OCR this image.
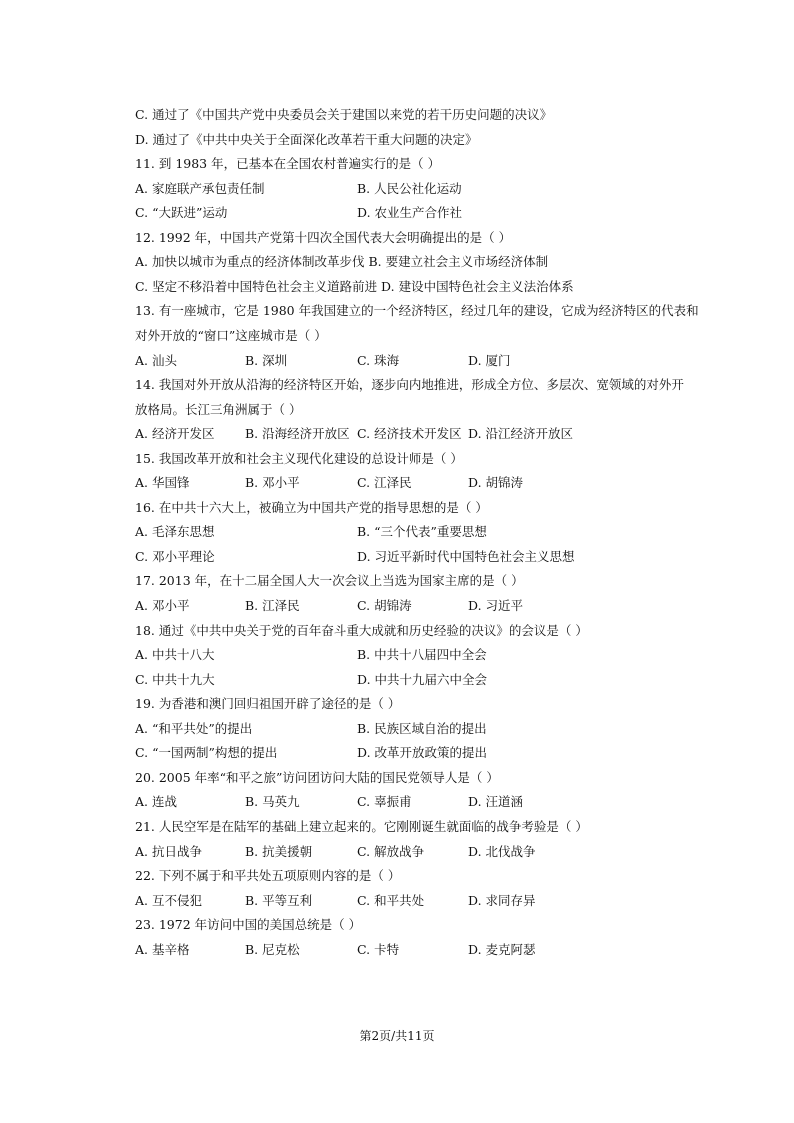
C. 通过了《中国共产党中央委员会关于建国以来党的若干历史问题的决议》
D. 通过了《中共中央关于全面深化改革若干重大问题的决定》
11. 到 1983 年，已基本在全国农村普遍实行的是（ ）
A. 家庭联产承包责任制	B. 人民公社化运动
C. “大跃进”运动	D. 农业生产合作社
12. 1992 年，中国共产党第十四次全国代表大会明确提出的是（ ）
A. 加快以城市为重点的经济体制改革步伐 B. 要建立社会主义市场经济体制
C. 坚定不移沿着中国特色社会主义道路前进 D. 建设中国特色社会主义法治体系
13. 有一座城市，它是 1980 年我国建立的一个经济特区，经过几年的建设，它成为经济特区的代表和
对外开放的“窗口”这座城市是（ ）
A. 汕头	B. 深圳	C. 珠海	D. 厦门
14. 我国对外开放从沿海的经济特区开始，逐步向内地推进，形成全方位、多层次、宽领域的对外开
放格局。长江三角洲属于（ ）
A. 经济开发区 B. 沿海经济开放区 C. 经济技术开发区 D. 沿江经济开放区
15. 我国改革开放和社会主义现代化建设的总设计师是（ ）
A. 华国锋	B. 邓小平	C. 江泽民	D. 胡锦涛
16. 在中共十六大上，被确立为中国共产党的指导思想的是（ ）
A. 毛泽东思想	B. “三个代表”重要思想
C. 邓小平理论	D. 习近平新时代中国特色社会主义思想
17. 2013 年，在十二届全国人大一次会议上当选为国家主席的是（ ）
A. 邓小平	B. 江泽民	C. 胡锦涛	D. 习近平
18. 通过《中共中央关于党的百年奋斗重大成就和历史经验的决议》的会议是（ ）
A. 中共十八大	B. 中共十八届四中全会
C. 中共十九大	D. 中共十九届六中全会
19. 为香港和澳门回归祖国开辟了途径的是（ ）
A. “和平共处”的提出	B. 民族区域自治的提出
C. “一国两制”构想的提出	D. 改革开放政策的提出
20. 2005 年率“和平之旅”访问团访问大陆的国民党领导人是（ ）
A. 连战	B. 马英九	C. 辜振甫	D. 汪道涵
21. 人民空军是在陆军的基础上建立起来的。它刚刚诞生就面临的战争考验是（ ）
A. 抗日战争	B. 抗美援朝	C. 解放战争	D. 北伐战争
22. 下列不属于和平共处五项原则内容的是（ ）
A. 互不侵犯	B. 平等互利	C. 和平共处	D. 求同存异
23. 1972 年访问中国的美国总统是（ ）
A. 基辛格	B. 尼克松	C. 卡特	D. 麦克阿瑟
第2页/共11页
